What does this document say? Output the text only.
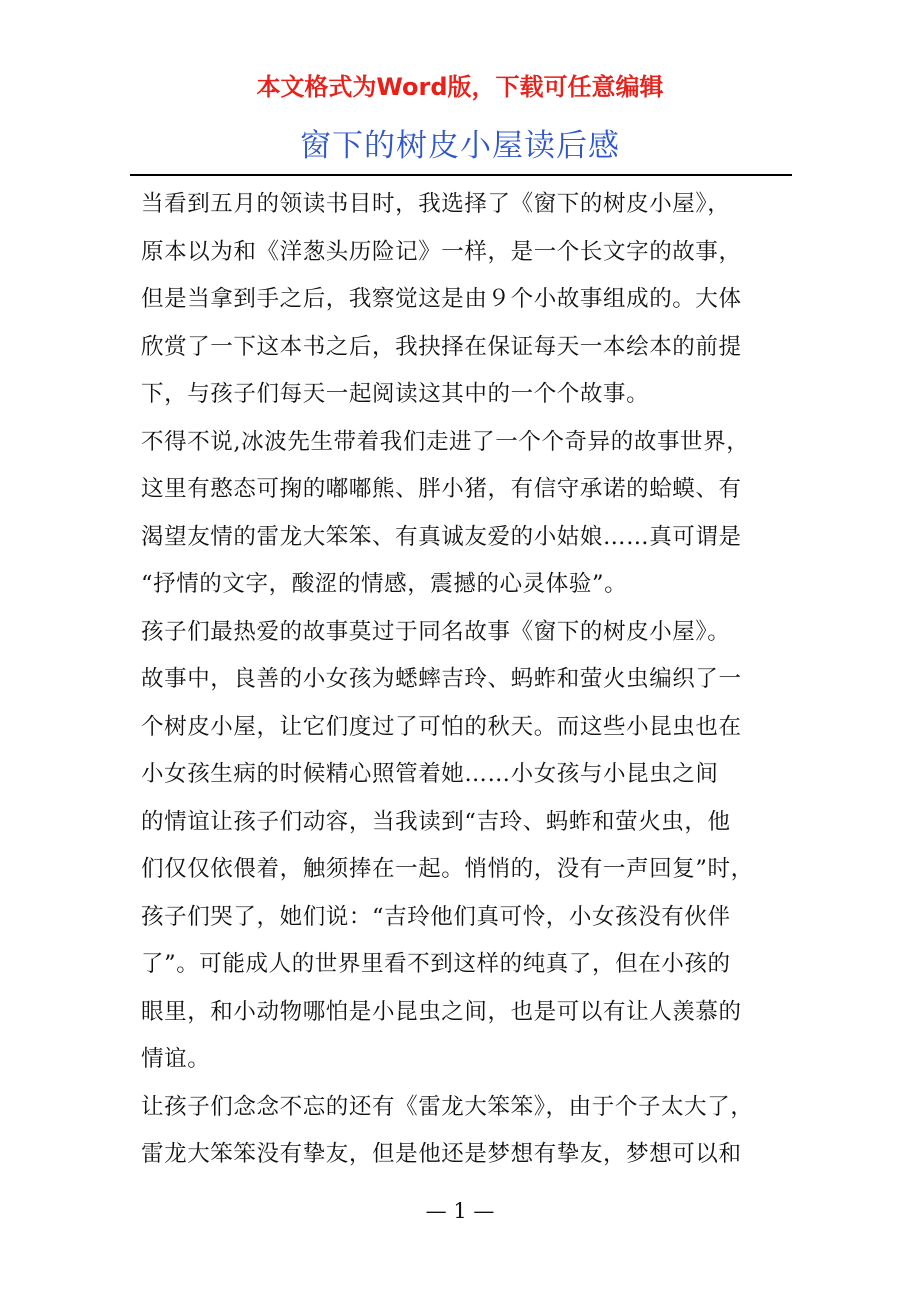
本文格式为Word版，下载可任意编辑
窗下的树皮小屋读后感
当看到五月的领读书目时，我选择了《窗下的树皮小屋》，
原本以为和《洋葱头历险记》一样，是一个长文字的故事，
但是当拿到手之后，我察觉这是由９个小故事组成的。大体
欣赏了一下这本书之后，我抉择在保证每天一本绘本的前提
下，与孩子们每天一起阅读这其中的一个个故事。
不得不说,冰波先生带着我们走进了一个个奇异的故事世界，
这里有憨态可掬的嘟嘟熊、胖小猪，有信守承诺的蛤蟆、有
渴望友情的雷龙大笨笨、有真诚友爱的小姑娘……真可谓是
“抒情的文字，酸涩的情感，震撼的心灵体验”。
孩子们最热爱的故事莫过于同名故事《窗下的树皮小屋》。
故事中，良善的小女孩为蟋蟀吉玲、蚂蚱和萤火虫编织了一
个树皮小屋，让它们度过了可怕的秋天。而这些小昆虫也在
小女孩生病的时候精心照管着她……小女孩与小昆虫之间
的情谊让孩子们动容，当我读到“吉玲、蚂蚱和萤火虫，他
们仅仅依偎着，触须捧在一起。悄悄的，没有一声回复”时，
孩子们哭了，她们说：“吉玲他们真可怜，小女孩没有伙伴
了”。可能成人的世界里看不到这样的纯真了，但在小孩的
眼里，和小动物哪怕是小昆虫之间，也是可以有让人羡慕的
情谊。
让孩子们念念不忘的还有《雷龙大笨笨》，由于个子太大了，
雷龙大笨笨没有挚友，但是他还是梦想有挚友，梦想可以和
— 1 —
